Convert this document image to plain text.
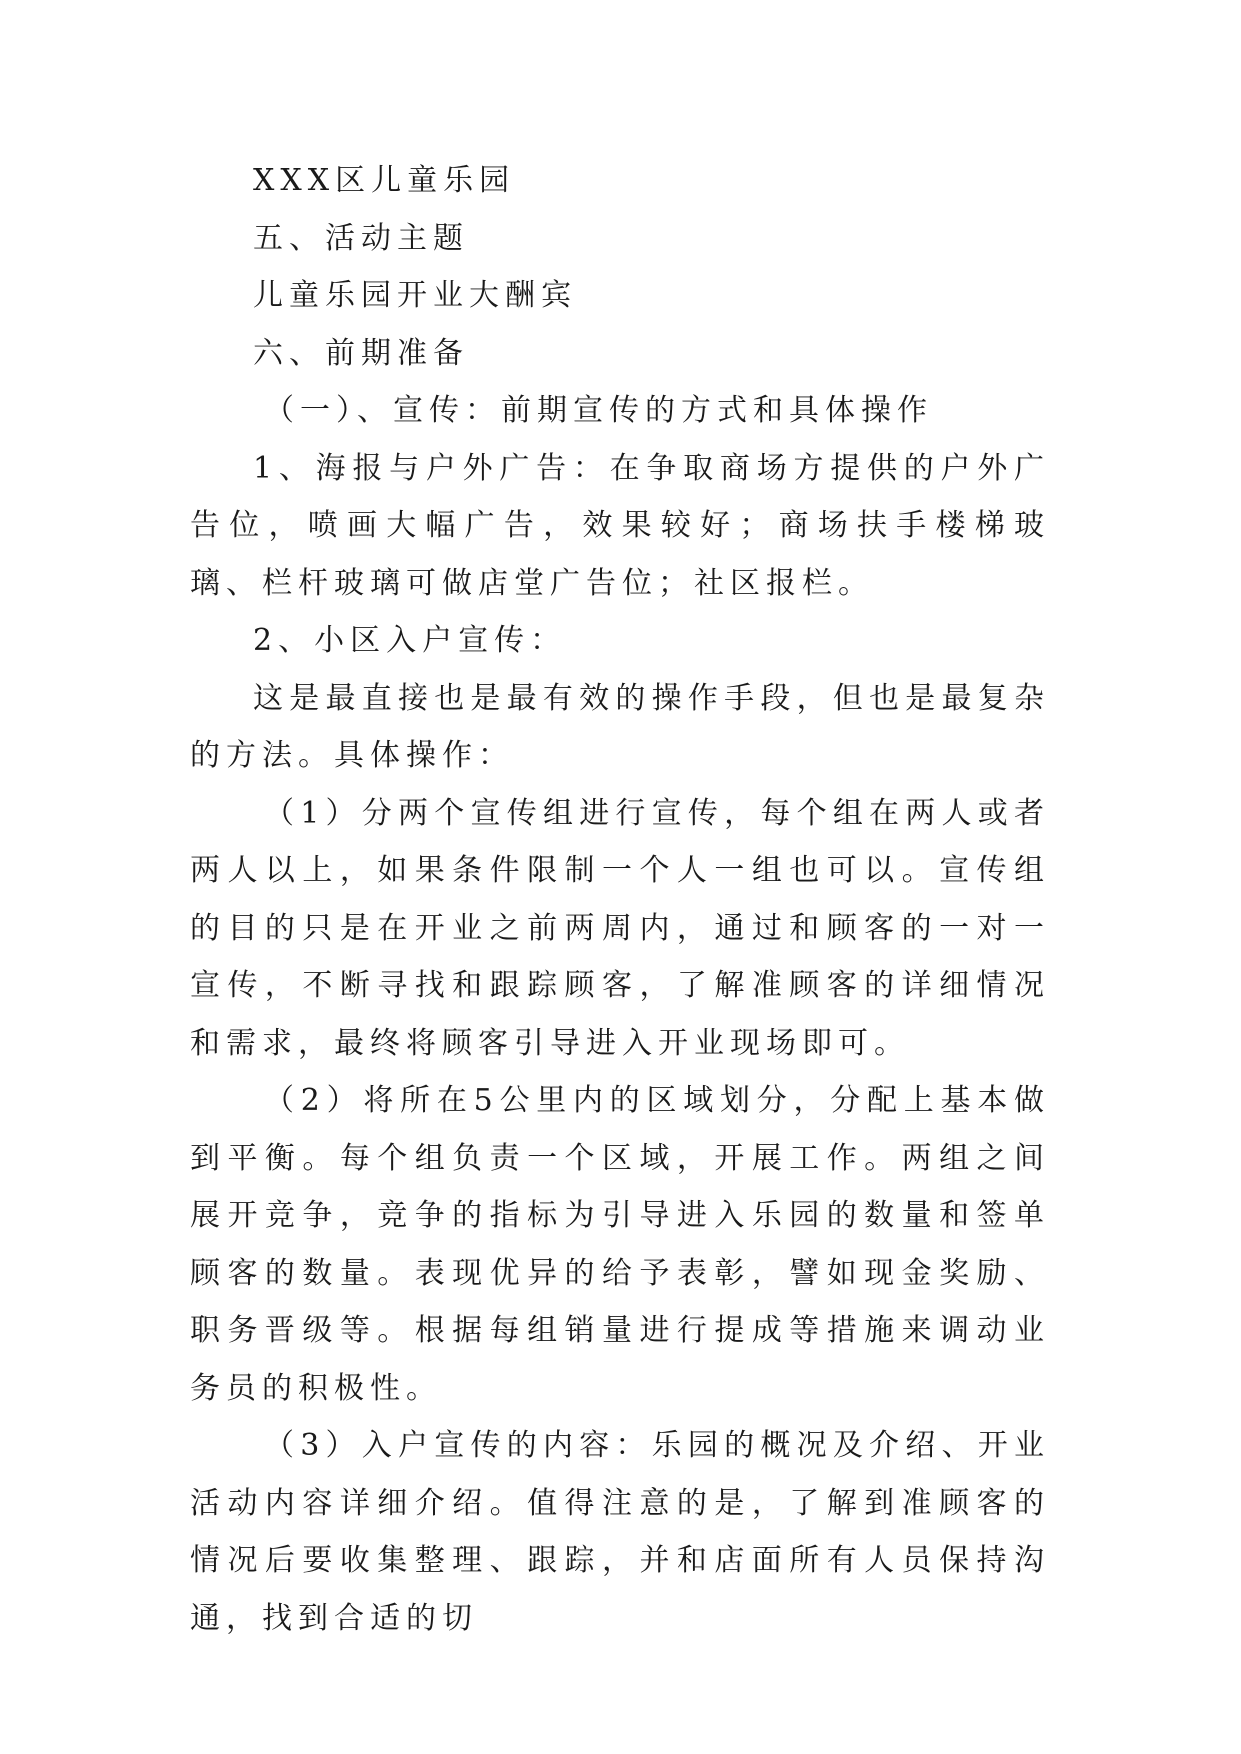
XXX区儿童乐园

五、活动主题

儿童乐园开业大酬宾

六、前期准备

（一）、宣传：前期宣传的方式和具体操作

1、海报与户外广告：在争取商场方提供的户外广告位，喷画大幅广告，效果较好；商场扶手楼梯玻璃、栏杆玻璃可做店堂广告位；社区报栏。

2、小区入户宣传：

这是最直接也是最有效的操作手段，但也是最复杂的方法。具体操作：

（1）分两个宣传组进行宣传，每个组在两人或者两人以上，如果条件限制一个人一组也可以。宣传组的目的只是在开业之前两周内，通过和顾客的一对一宣传，不断寻找和跟踪顾客，了解准顾客的详细情况和需求，最终将顾客引导进入开业现场即可。

（2）将所在5公里内的区域划分，分配上基本做到平衡。每个组负责一个区域，开展工作。两组之间展开竞争，竞争的指标为引导进入乐园的数量和签单顾客的数量。表现优异的给予表彰，譬如现金奖励、职务晋级等。根据每组销量进行提成等措施来调动业务员的积极性。

（3）入户宣传的内容：乐园的概况及介绍、开业活动内容详细介绍。值得注意的是，了解到准顾客的情况后要收集整理、跟踪，并和店面所有人员保持沟通，找到合适的切
